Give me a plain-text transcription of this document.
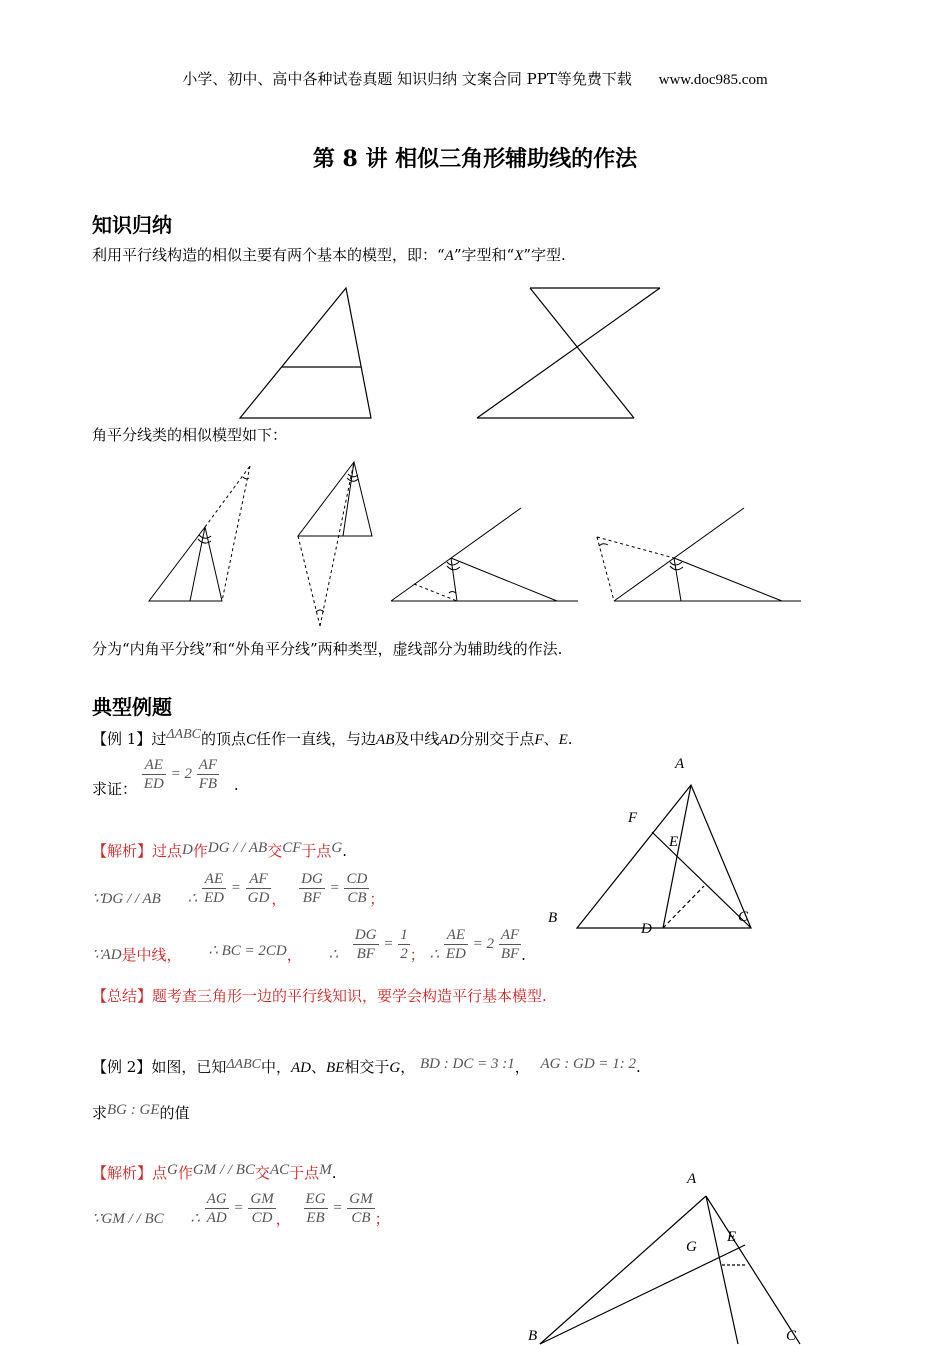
小学、初中、高中各种试卷真题 知识归纳 文案合同 PPT等免费下载 www.doc985.com
第 8 讲 相似三角形辅助线的作法
知识归纳
利用平行线构造的相似主要有两个基本的模型，即：“A”字型和“X”字型.
角平分线类的相似模型如下：
分为“内角平分线”和“外角平分线”两种类型，虚线部分为辅助线的作法.
典型例题
【例 1】过ΔABC的顶点C任作一直线，与边AB及中线AD分别交于点F、E.
求证： $\frac{AE}{ED} = 2 \frac{AF}{FB}$ .
【解析】过点D作DG / / AB交CF于点G.
∵DG / / AB ∴ $\frac{AE}{ED} = \frac{AF}{GD}$ ， $\frac{DG}{BF} = \frac{CD}{CB}$ ；
∵AD是中线， ∴ BC = 2CD， ∴ $\frac{DG}{BF} = \frac{1}{2}$ ； ∴ $\frac{AE}{ED} = 2 \frac{AF}{BF}$ .
【总结】题考查三角形一边的平行线知识，要学会构造平行基本模型.
A
F
E
B
D
C
【例 2】如图，已知ΔABC中，AD、BE相交于G， BD : DC = 3 :1， AG : GD = 1: 2.
求BG : GE的值
【解析】点G作GM / / BC交AC于点M.
∵GM / / BC ∴ $\frac{AG}{AD} = \frac{GM}{CD}$ ， $\frac{EG}{EB} = \frac{GM}{CB}$ ；
A
G
E
B	C
